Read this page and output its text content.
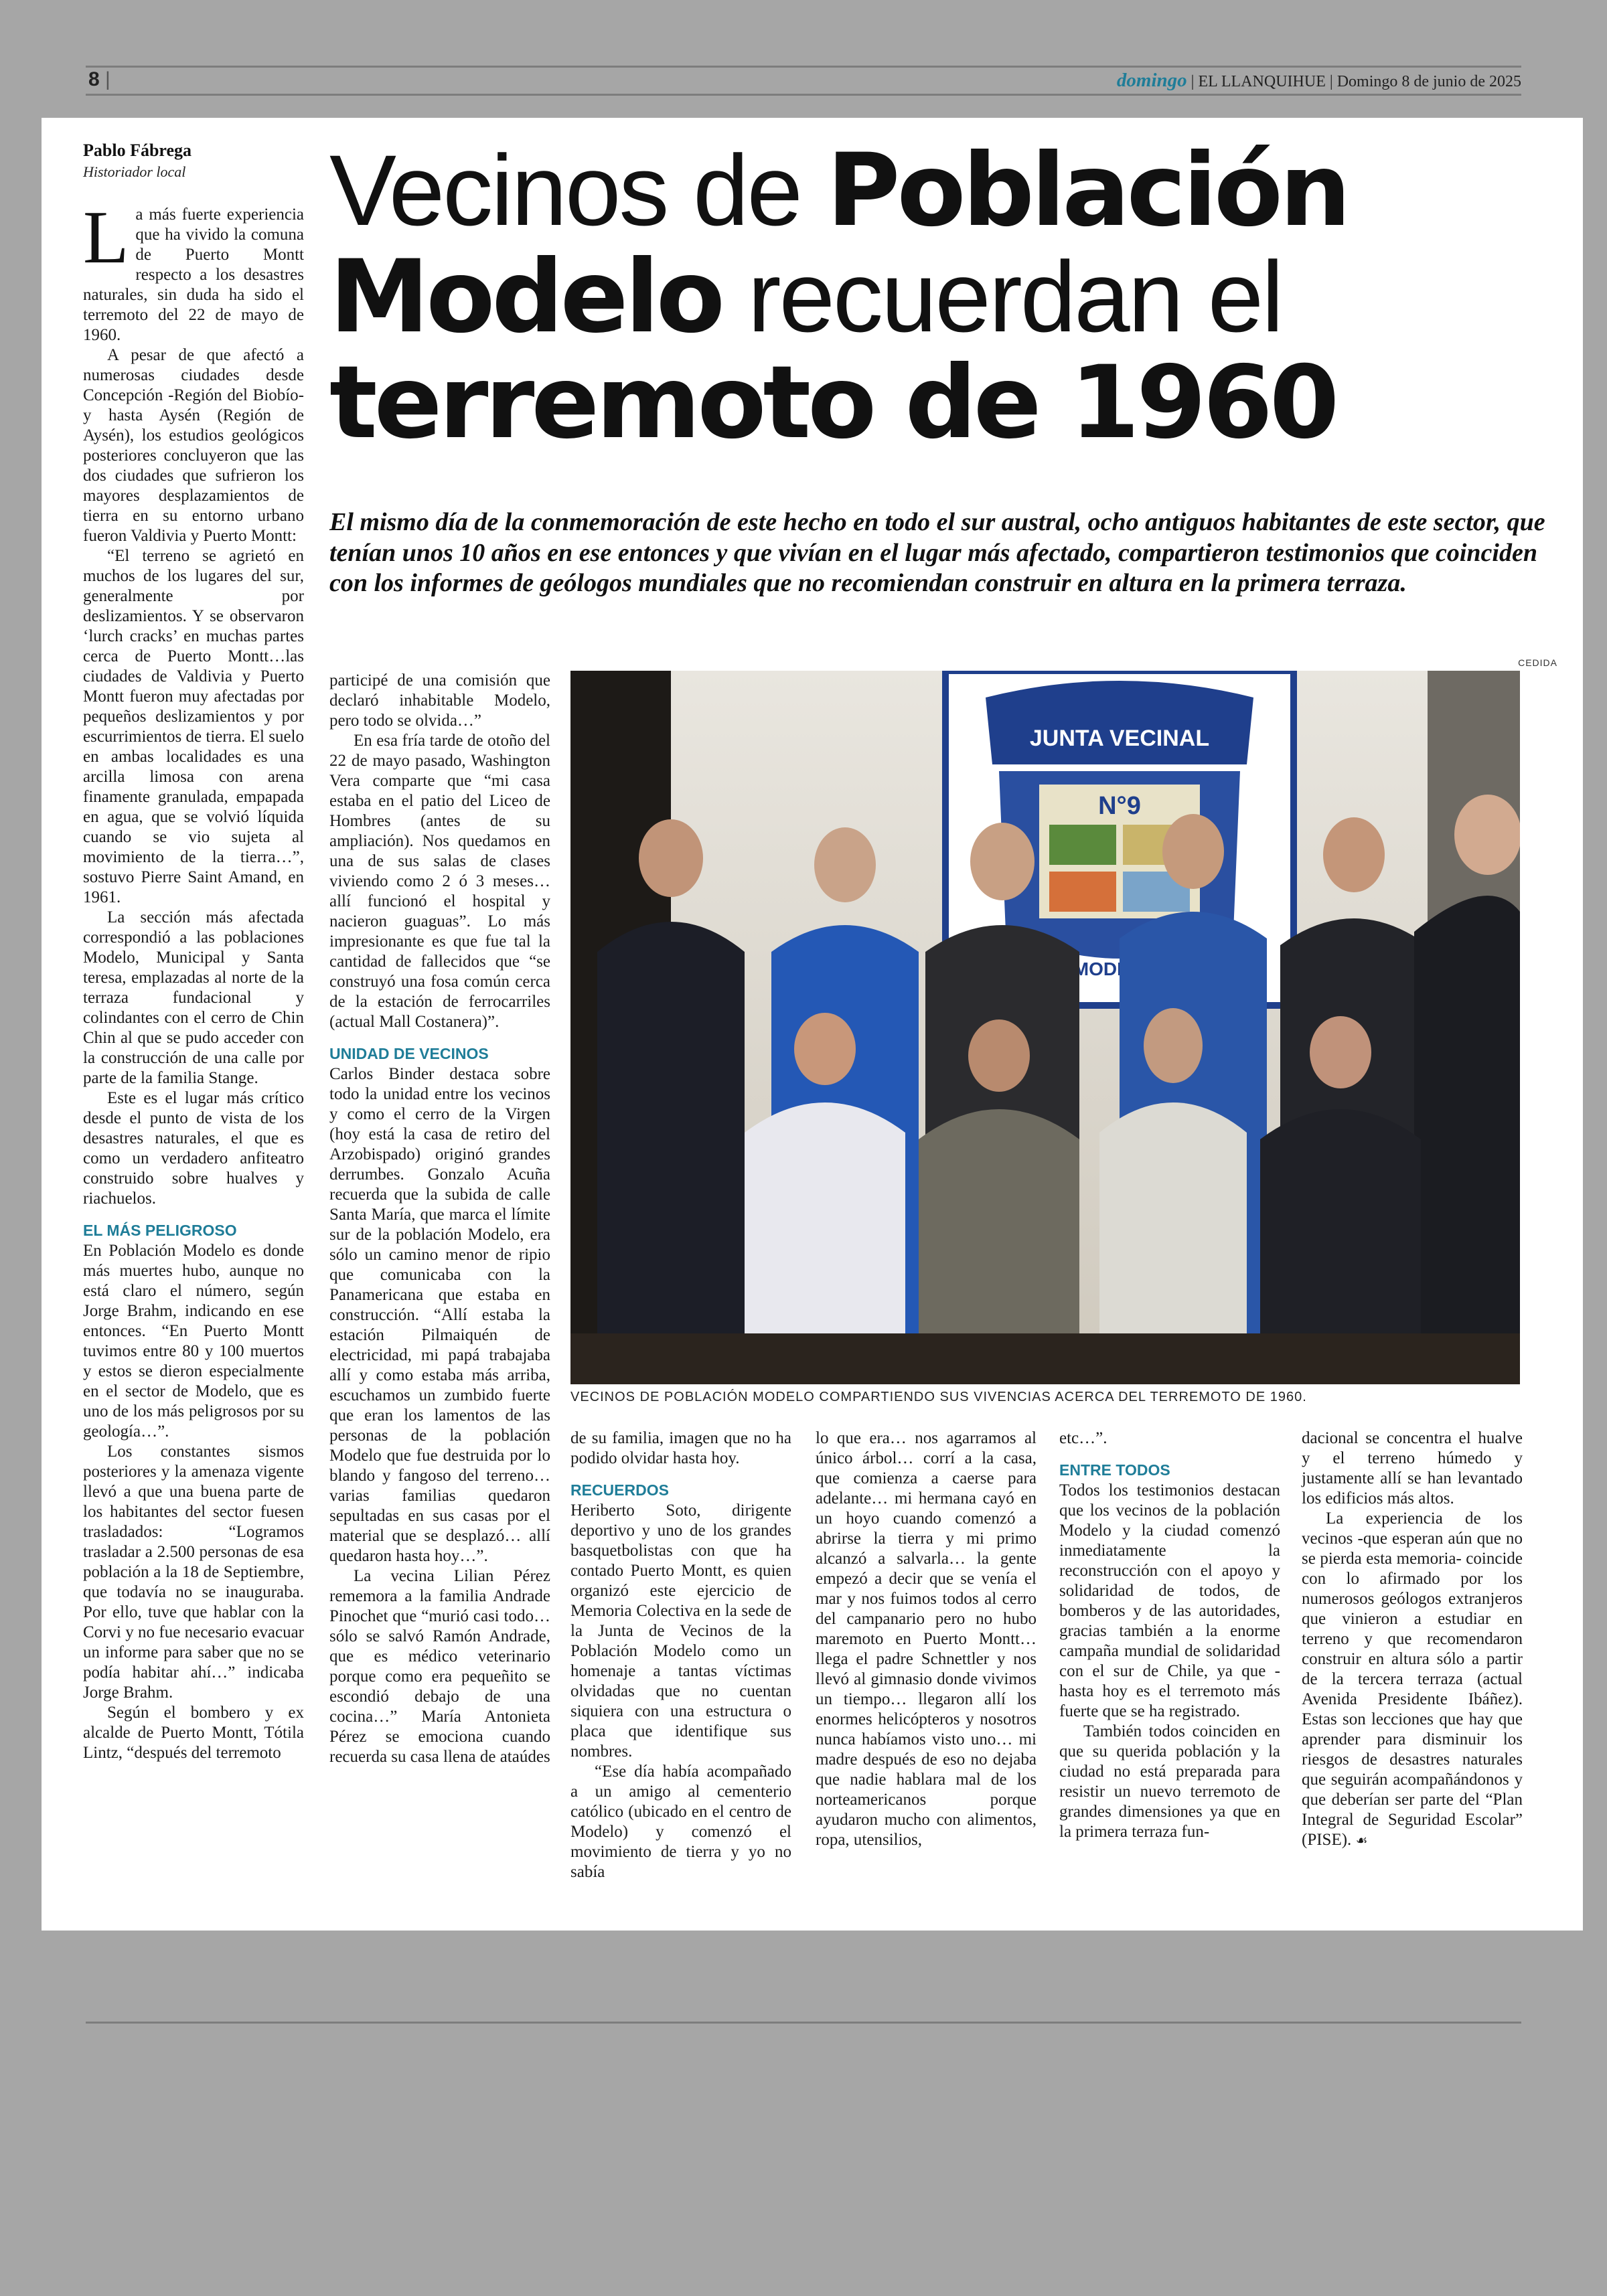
8 |	domingo | EL LLANQUIHUE | Domingo 8 de junio de 2025
Pablo Fábrega
Historiador local	Vecinos de Población
Modelo recuerdan el
terremoto de 1960
El mismo día de la conmemoración de este hecho en todo el sur austral, ocho antiguos habitantes de este sector, que tenían unos 10 años en ese entonces y que vivían en el lugar más afectado, compartieron testimonios que coinciden con los informes de geólogos mundiales que no recomiendan construir en altura en la primera terraza.
CEDIDA
JUNTA VECINAL
N°9
MODELO
VECINOS DE POBLACIÓN MODELO COMPARTIENDO SUS VIVENCIAS ACERCA DEL TERREMOTO DE 1960.
L a más fuerte experiencia que ha vivido la comuna de Puerto Montt respecto a los desastres naturales, sin duda ha sido el terremoto del 22 de mayo de 1960.

A pesar de que afectó a numerosas ciudades desde Concepción -Región del Biobío- y hasta Aysén (Región de Aysén), los estudios geológicos posteriores concluyeron que las dos ciudades que sufrieron los mayores desplazamientos de tierra en su entorno urbano fueron Valdivia y Puerto Montt:

“El terreno se agrietó en muchos de los lugares del sur, generalmente por deslizamientos. Y se observaron ‘lurch cracks’ en muchas partes cerca de Puerto Montt…las ciudades de Valdivia y Puerto Montt fueron muy afectadas por pequeños deslizamientos y por escurrimientos de tierra. El suelo en ambas localidades es una arcilla limosa con arena finamente granulada, empapada en agua, que se volvió líquida cuando se vio sujeta al movimiento de la tierra…”, sostuvo Pierre Saint Amand, en 1961.

La sección más afectada correspondió a las poblaciones Modelo, Municipal y Santa teresa, emplazadas al norte de la terraza fundacional y colindantes con el cerro de Chin Chin al que se pudo acceder con la construcción de una calle por parte de la familia Stange.

Este es el lugar más crítico desde el punto de vista de los desastres naturales, el que es como un verdadero anfiteatro construido sobre hualves y riachuelos.

EL MÁS PELIGROSO

En Población Modelo es donde más muertes hubo, aunque no está claro el número, según Jorge Brahm, indicando en ese entonces. “En Puerto Montt tuvimos entre 80 y 100 muertos y estos se dieron especialmente en el sector de Modelo, que es uno de los más peligrosos por su geología…”.

Los constantes sismos posteriores y la amenaza vigente llevó a que una buena parte de los habitantes del sector fuesen trasladados: “Logramos trasladar a 2.500 personas de esa población a la 18 de Septiembre, que todavía no se inauguraba. Por ello, tuve que hablar con la Corvi y no fue necesario evacuar un informe para saber que no se podía habitar ahí…” indicaba Jorge Brahm.

Según el bombero y ex alcalde de Puerto Montt, Tótila Lintz, “después del terremoto

participé de una comisión que declaró inhabitable Modelo, pero todo se olvida…”

En esa fría tarde de otoño del 22 de mayo pasado, Washington Vera comparte que “mi casa estaba en el patio del Liceo de Hombres (antes de su ampliación). Nos quedamos en una de sus salas de clases viviendo como 2 ó 3 meses… allí funcionó el hospital y nacieron guaguas”. Lo más impresionante es que fue tal la cantidad de fallecidos que “se construyó una fosa común cerca de la estación de ferrocarriles (actual Mall Costanera)”.

UNIDAD DE VECINOS

Carlos Binder destaca sobre todo la unidad entre los vecinos y como el cerro de la Virgen (hoy está la casa de retiro del Arzobispado) originó grandes derrumbes. Gonzalo Acuña recuerda que la subida de calle Santa María, que marca el límite sur de la población Modelo, era sólo un camino menor de ripio que comunicaba con la Panamericana que estaba en construcción. “Allí estaba la estación Pilmaiquén de electricidad, mi papá trabajaba allí y como estaba más arriba, escuchamos un zumbido fuerte que eran los lamentos de las personas de la población Modelo que fue destruida por lo blando y fangoso del terreno…varias familias quedaron sepultadas en sus casas por el material que se desplazó… allí quedaron hasta hoy…”.

La vecina Lilian Pérez rememora a la familia Andrade Pinochet que “murió casi todo… sólo se salvó Ramón Andrade, que es médico veterinario porque como era pequeñito se escondió debajo de una cocina…” María Antonieta Pérez se emociona cuando recuerda su casa llena de ataúdes

de su familia, imagen que no ha podido olvidar hasta hoy.

RECUERDOS

Heriberto Soto, dirigente deportivo y uno de los grandes basquetbolistas con que ha contado Puerto Montt, es quien organizó este ejercicio de Memoria Colectiva en la sede de la Junta de Vecinos de la Población Modelo como un homenaje a tantas víctimas olvidadas que no cuentan siquiera con una estructura o placa que identifique sus nombres.

“Ese día había acompañado a un amigo al cementerio católico (ubicado en el centro de Modelo) y comenzó el movimiento de tierra y yo no sabía

lo que era… nos agarramos al único árbol… corrí a la casa, que comienza a caerse para adelante… mi hermana cayó en un hoyo cuando comenzó a abrirse la tierra y mi primo alcanzó a salvarla… la gente empezó a decir que se venía el mar y nos fuimos todos al cerro del campanario pero no hubo maremoto en Puerto Montt… llega el padre Schnettler y nos llevó al gimnasio donde vivimos un tiempo… llegaron allí los enormes helicópteros y nosotros nunca habíamos visto uno… mi madre después de eso no dejaba que nadie hablara mal de los norteamericanos porque ayudaron mucho con alimentos, ropa, utensilios,

etc…”.

ENTRE TODOS

Todos los testimonios destacan que los vecinos de la población Modelo y la ciudad comenzó inmediatamente la reconstrucción con el apoyo y solidaridad de todos, de bomberos y de las autoridades, gracias también a la enorme campaña mundial de solidaridad con el sur de Chile, ya que -hasta hoy es el terremoto más fuerte que se ha registrado.

También todos coinciden en que su querida población y la ciudad no está preparada para resistir un nuevo terremoto de grandes dimensiones ya que en la primera terraza fun-

dacional se concentra el hualve y el terreno húmedo y justamente allí se han levantado los edificios más altos.

La experiencia de los vecinos -que esperan aún que no se pierda esta memoria- coincide con lo afirmado por los numerosos geólogos extranjeros que vinieron a estudiar en terreno y que recomendaron construir en altura sólo a partir de la tercera terraza (actual Avenida Presidente Ibáñez). Estas son lecciones que hay que aprender para disminuir los riesgos de desastres naturales que seguirán acompañándonos y que deberían ser parte del “Plan Integral de Seguridad Escolar” (PISE). ☙
